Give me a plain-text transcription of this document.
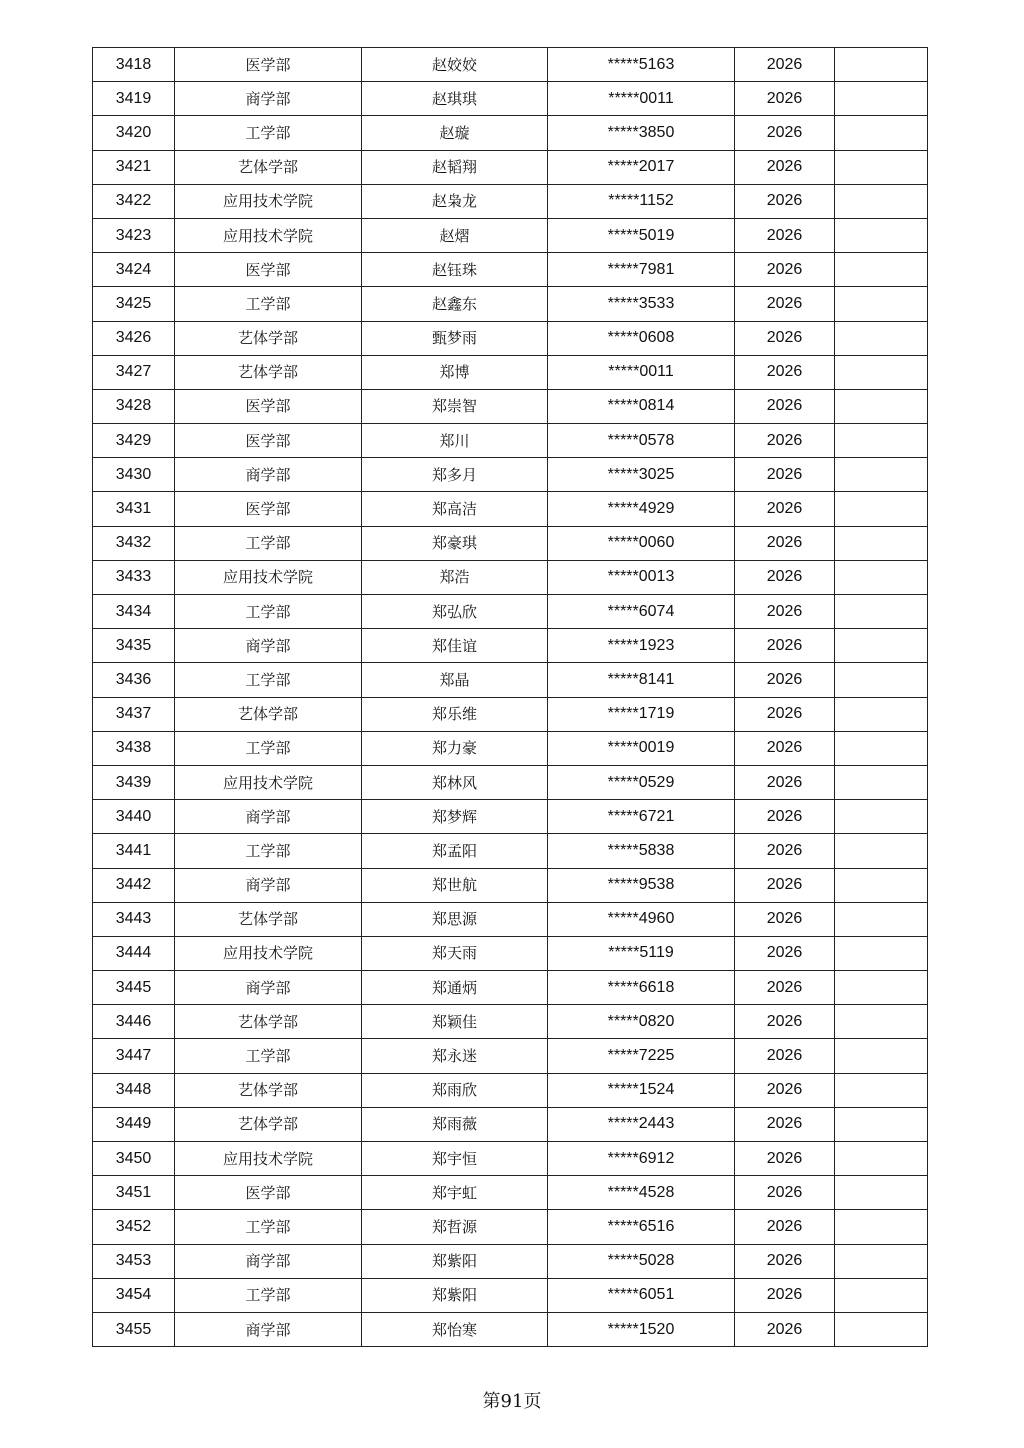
3418	医学部	赵姣姣	*****5163	2026	
3419	商学部	赵琪琪	*****0011	2026	
3420	工学部	赵璇	*****3850	2026	
3421	艺体学部	赵韬翔	*****2017	2026	
3422	应用技术学院	赵枭龙	*****1152	2026	
3423	应用技术学院	赵熠	*****5019	2026	
3424	医学部	赵钰珠	*****7981	2026	
3425	工学部	赵鑫东	*****3533	2026	
3426	艺体学部	甄梦雨	*****0608	2026	
3427	艺体学部	郑博	*****0011	2026	
3428	医学部	郑崇智	*****0814	2026	
3429	医学部	郑川	*****0578	2026	
3430	商学部	郑多月	*****3025	2026	
3431	医学部	郑高洁	*****4929	2026	
3432	工学部	郑豪琪	*****0060	2026	
3433	应用技术学院	郑浩	*****0013	2026	
3434	工学部	郑弘欣	*****6074	2026	
3435	商学部	郑佳谊	*****1923	2026	
3436	工学部	郑晶	*****8141	2026	
3437	艺体学部	郑乐维	*****1719	2026	
3438	工学部	郑力豪	*****0019	2026	
3439	应用技术学院	郑林风	*****0529	2026	
3440	商学部	郑梦辉	*****6721	2026	
3441	工学部	郑孟阳	*****5838	2026	
3442	商学部	郑世航	*****9538	2026	
3443	艺体学部	郑思源	*****4960	2026	
3444	应用技术学院	郑天雨	*****5119	2026	
3445	商学部	郑通炳	*****6618	2026	
3446	艺体学部	郑颖佳	*****0820	2026	
3447	工学部	郑永迷	*****7225	2026	
3448	艺体学部	郑雨欣	*****1524	2026	
3449	艺体学部	郑雨薇	*****2443	2026	
3450	应用技术学院	郑宇恒	*****6912	2026	
3451	医学部	郑宇虹	*****4528	2026	
3452	工学部	郑哲源	*****6516	2026	
3453	商学部	郑紫阳	*****5028	2026	
3454	工学部	郑紫阳	*****6051	2026	
3455	商学部	郑怡寒	*****1520	2026	
第91页
